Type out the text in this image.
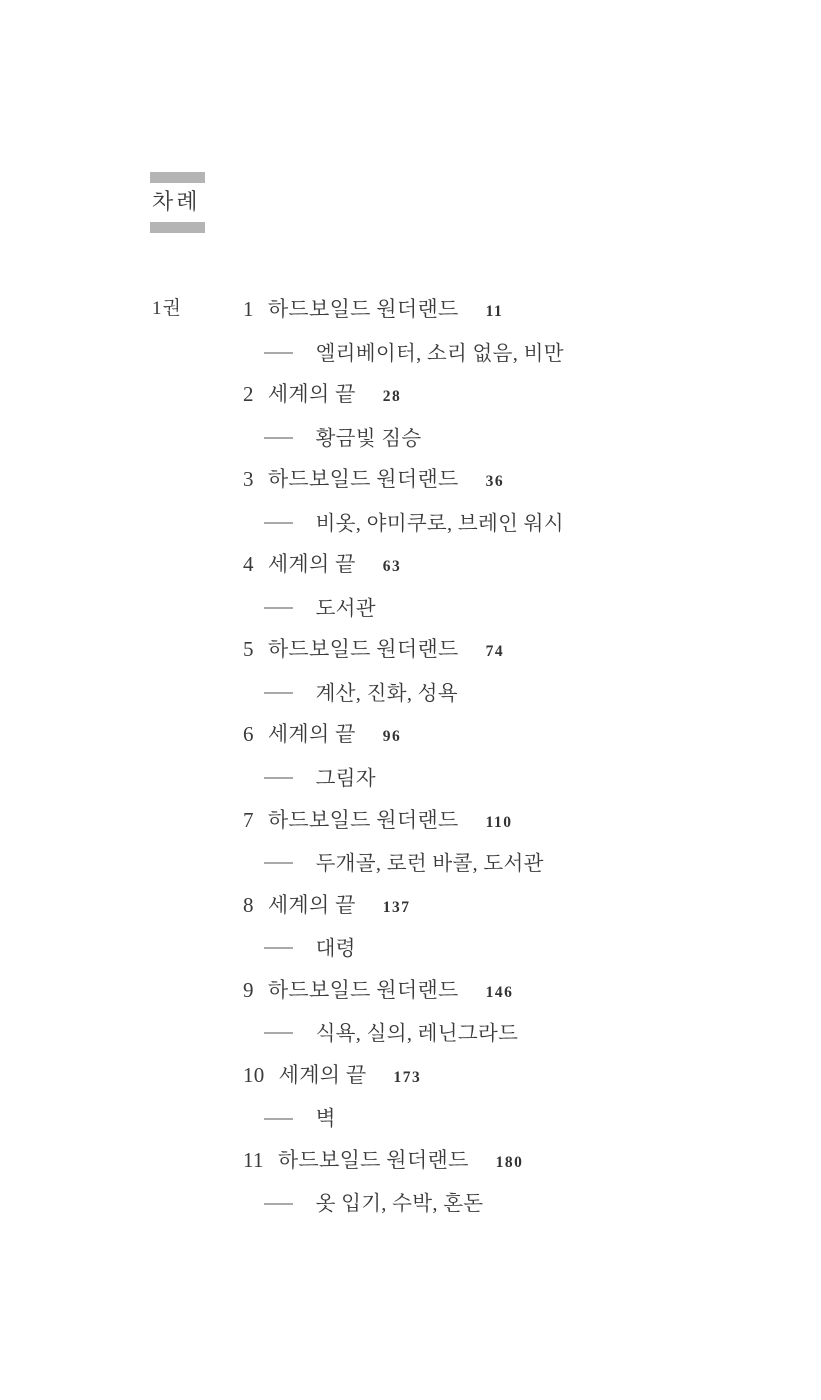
차례
1권	1 하드보일드 원더랜드 11
엘리베이터, 소리 없음, 비만
2 세계의 끝 28
황금빛 짐승
3 하드보일드 원더랜드 36
비옷, 야미쿠로, 브레인 워시
4 세계의 끝 63
도서관
5 하드보일드 원더랜드 74
계산, 진화, 성욕
6 세계의 끝 96
그림자
7 하드보일드 원더랜드 110
두개골, 로런 바콜, 도서관
8 세계의 끝 137
대령
9 하드보일드 원더랜드 146
식욕, 실의, 레닌그라드
10 세계의 끝 173
벽
11 하드보일드 원더랜드 180
옷 입기, 수박, 혼돈
